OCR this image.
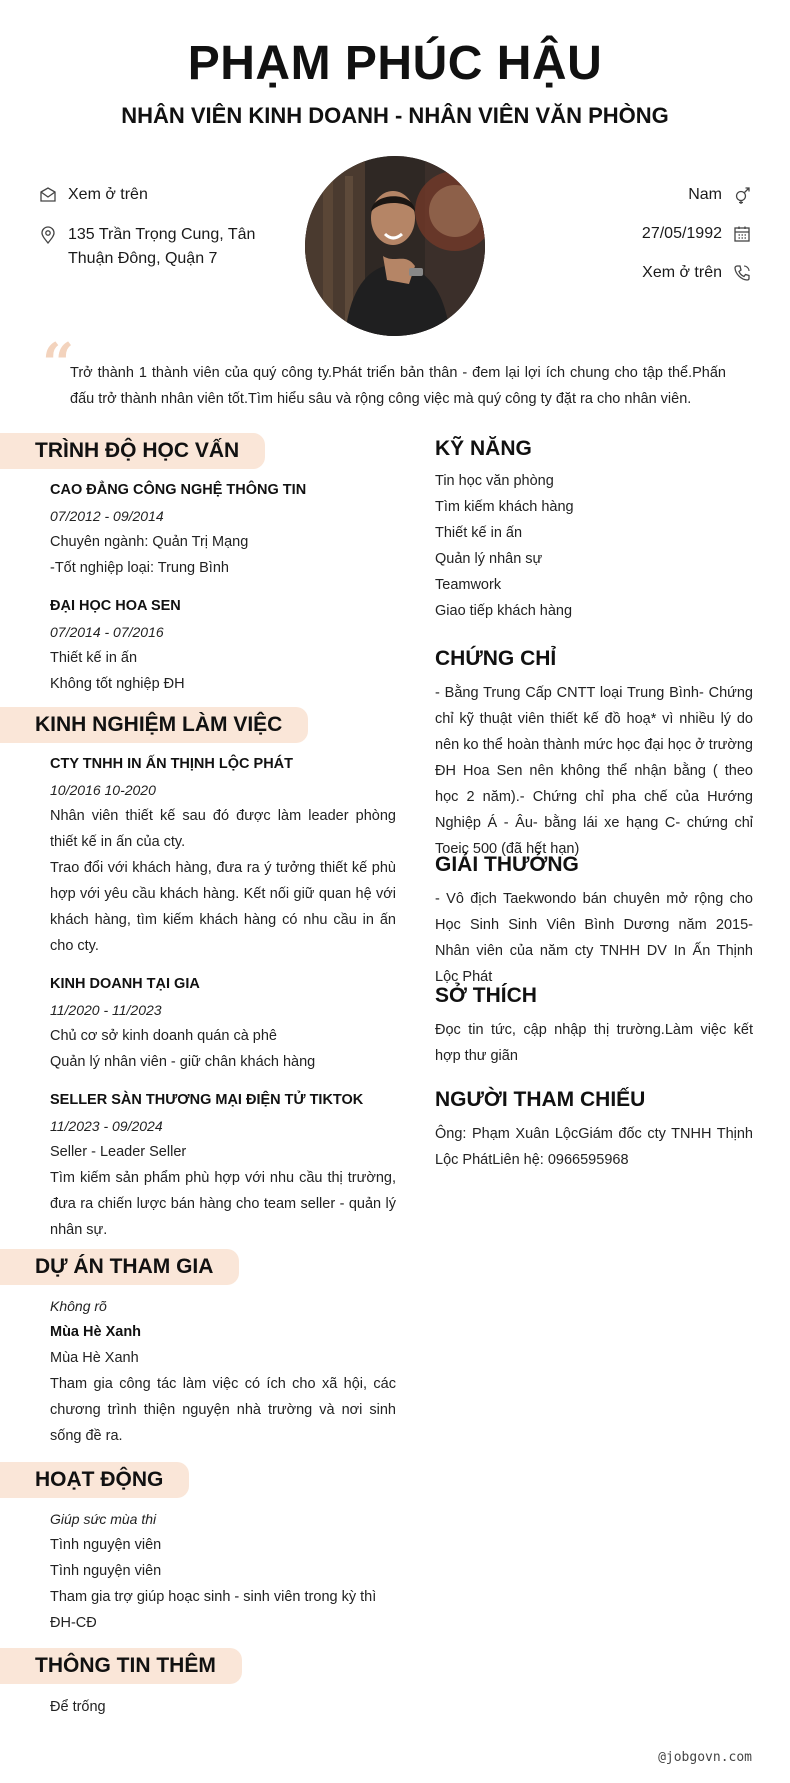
PHẠM PHÚC HẬU
NHÂN VIÊN KINH DOANH - NHÂN VIÊN VĂN PHÒNG
Xem ở trên
135 Trần Trọng Cung, Tân Thuận Đông, Quận 7
Nam
27/05/1992
Xem ở trên
“
Trở thành 1 thành viên của quý công ty.Phát triển bản thân - đem lại lợi ích chung cho tập thể.Phấn đấu trở thành nhân viên tốt.Tìm hiểu sâu và rộng công việc mà quý công ty đặt ra cho nhân viên.
TRÌNH ĐỘ HỌC VẤN
CAO ĐẲNG CÔNG NGHỆ THÔNG TIN
07/2012 - 09/2014
Chuyên ngành: Quản Trị Mạng
-Tốt nghiệp loại: Trung Bình
ĐẠI HỌC HOA SEN
07/2014 - 07/2016
Thiết kế in ấn
Không tốt nghiệp ĐH
KINH NGHIỆM LÀM VIỆC
CTY TNHH IN ẤN THỊNH LỘC PHÁT
10/2016 10-2020
Nhân viên thiết kế sau đó được làm leader phòng thiết kế in ấn của cty.
Trao đổi với khách hàng, đưa ra ý tưởng thiết kế phù hợp với yêu cầu khách hàng. Kết nối giữ quan hệ với khách hàng, tìm kiếm khách hàng có nhu cầu in ấn cho cty.
KINH DOANH TẠI GIA
11/2020 - 11/2023
Chủ cơ sở kinh doanh quán cà phê
Quản lý nhân viên - giữ chân khách hàng
SELLER SÀN THƯƠNG MẠI ĐIỆN TỬ TIKTOK
11/2023 - 09/2024
Seller - Leader Seller
Tìm kiếm sản phẩm phù hợp với nhu cầu thị trường, đưa ra chiến lược bán hàng cho team seller - quản lý nhân sự.
DỰ ÁN THAM GIA
Không rõ
Mùa Hè Xanh
Mùa Hè Xanh
Tham gia công tác làm việc có ích cho xã hội, các chương trình thiện nguyện nhà trường và nơi sinh sống đề ra.
HOẠT ĐỘNG
Giúp sức mùa thi
Tình nguyện viên
Tình nguyện viên
Tham gia trợ giúp hoạc sinh - sinh viên trong kỳ thì ĐH-CĐ
THÔNG TIN THÊM
Để trống
KỸ NĂNG
Tin học văn phòng
Tìm kiếm khách hàng
Thiết kế in ấn
Quản lý nhân sự
Teamwork
Giao tiếp khách hàng
CHỨNG CHỈ
- Bằng Trung Cấp CNTT loại Trung Bình- Chứng chỉ kỹ thuật viên thiết kế đồ hoạ* vì nhiều lý do nên ko thể hoàn thành mức học đại học ở trường ĐH Hoa Sen nên không thể nhận bằng ( theo học 2 năm).- Chứng chỉ pha chế của Hướng Nghiệp Á - Âu- bằng lái xe hạng C- chứng chỉ Toeic 500 (đã hết hạn)
GIẢI THƯỞNG
- Vô địch Taekwondo bán chuyên mở rộng cho Học Sinh Sinh Viên Bình Dương năm 2015- Nhân viên của năm cty TNHH DV In Ấn Thịnh Lộc Phát
SỞ THÍCH
Đọc tin tức, cập nhập thị trường.Làm việc kết hợp thư giãn
NGƯỜI THAM CHIẾU
Ông: Phạm Xuân LộcGiám đốc cty TNHH Thịnh Lộc PhátLiên hệ: 0966595968
@jobgovn.com
